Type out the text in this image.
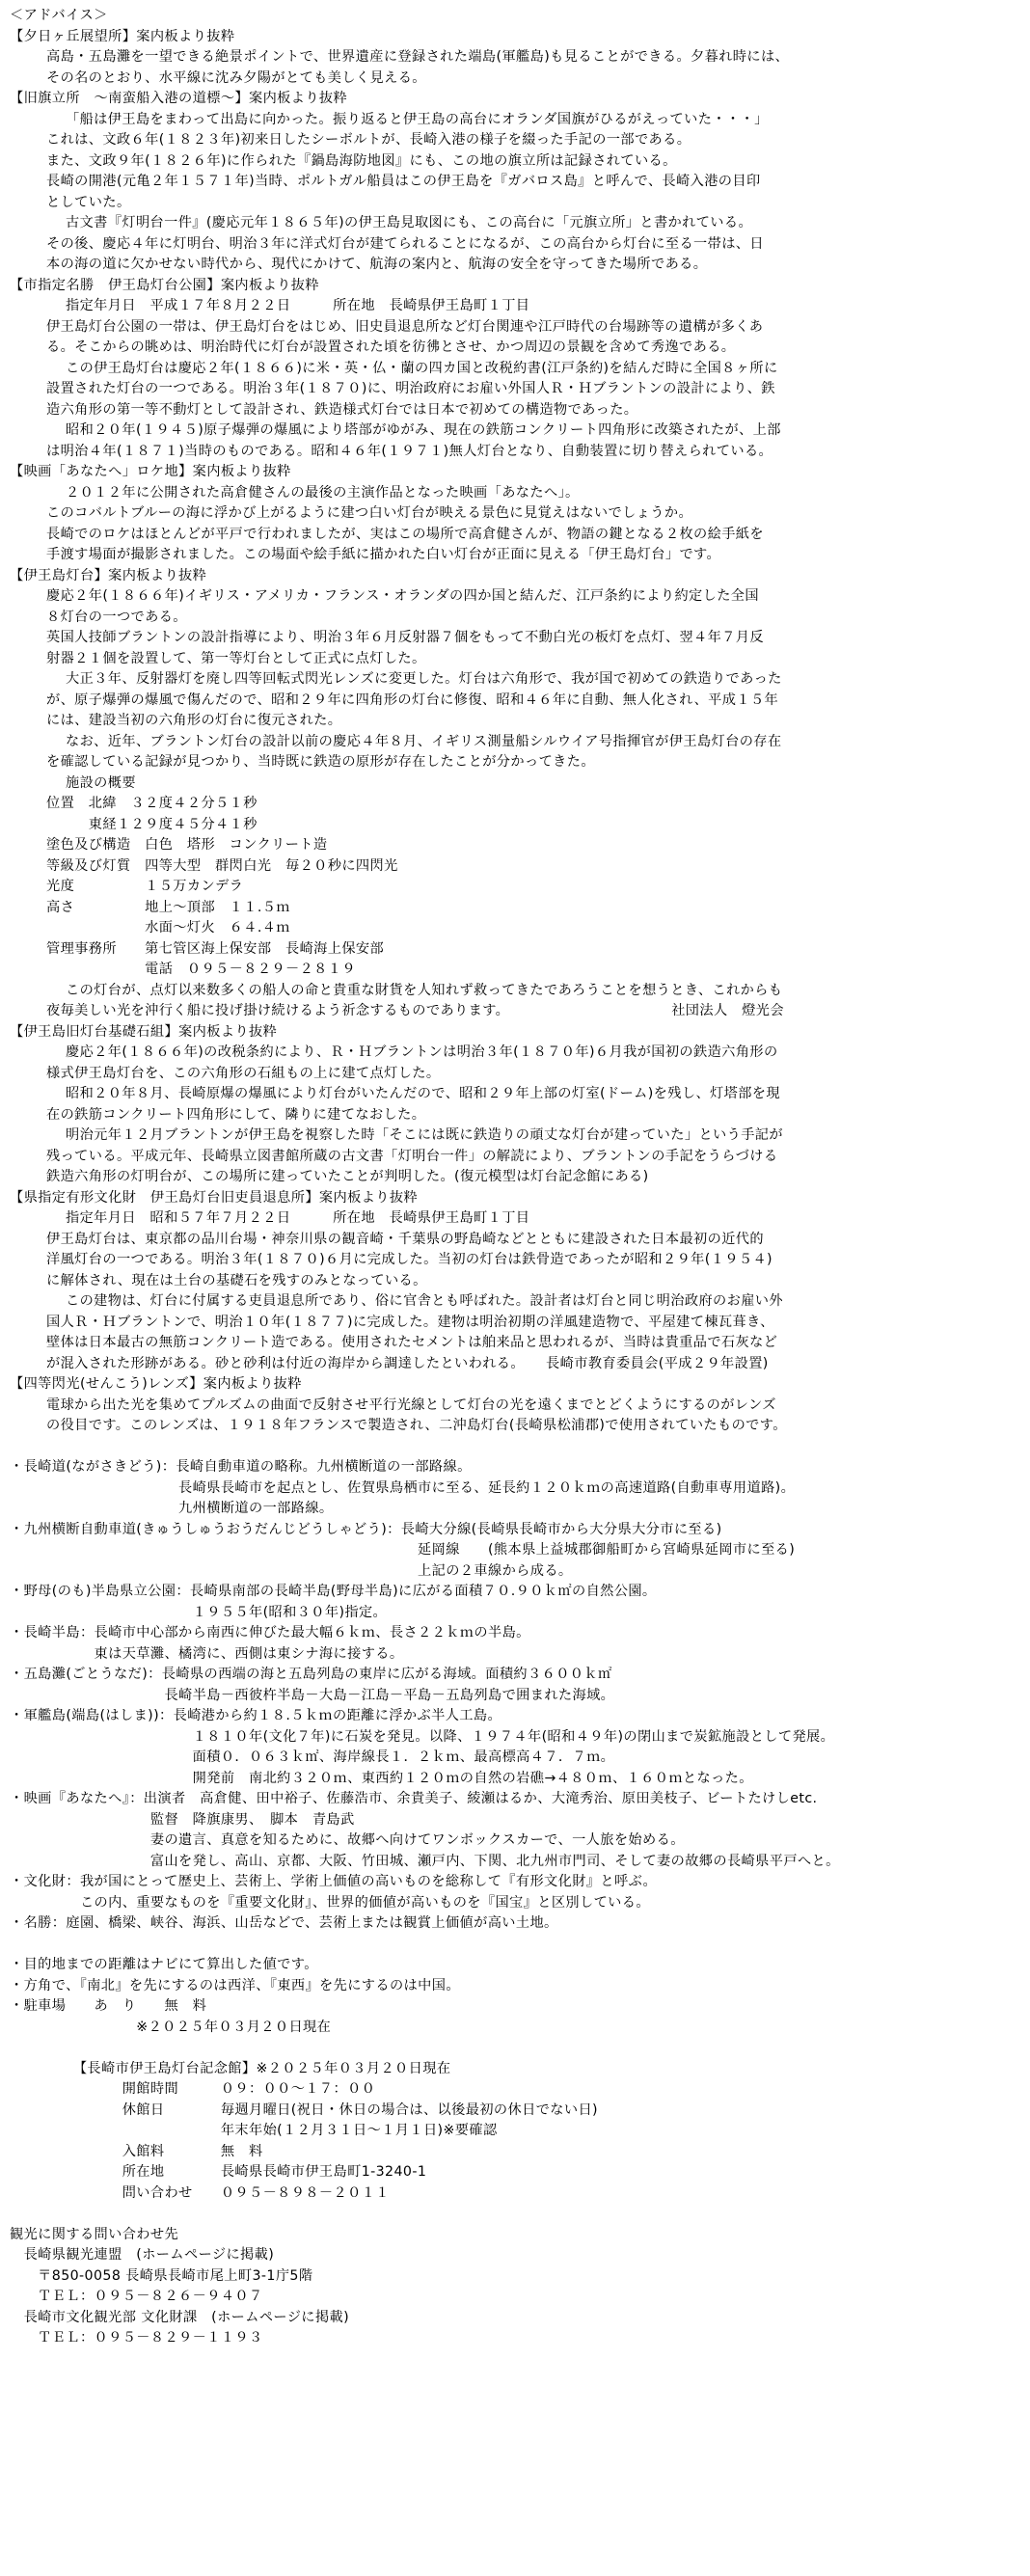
＜アドバイス＞
【夕日ヶ丘展望所】案内板より抜粋
高島・五島灘を一望できる絶景ポイントで、世界遺産に登録された端島(軍艦島)も見ることができる。夕暮れ時には、
その名のとおり、水平線に沈み夕陽がとても美しく見える。
【旧旗立所　～南蛮船入港の道標～】案内板より抜粋
「船は伊王島をまわって出島に向かった。振り返ると伊王島の高台にオランダ国旗がひるがえっていた・・・」
これは、文政６年(１８２３年)初来日したシーボルトが、長崎入港の様子を綴った手記の一部である。
また、文政９年(１８２６年)に作られた『鍋島海防地図』にも、この地の旗立所は記録されている。
長崎の開港(元亀２年１５７１年)当時、ポルトガル船員はこの伊王島を『ガバロス島』と呼んで、長崎入港の目印
としていた。
古文書『灯明台一件』(慶応元年１８６５年)の伊王島見取図にも、この高台に「元旗立所」と書かれている。
その後、慶応４年に灯明台、明治３年に洋式灯台が建てられることになるが、この高台から灯台に至る一帯は、日
本の海の道に欠かせない時代から、現代にかけて、航海の案内と、航海の安全を守ってきた場所である。
【市指定名勝　伊王島灯台公園】案内板より抜粋
指定年月日　平成１７年８月２２日　　　所在地　長崎県伊王島町１丁目
伊王島灯台公園の一帯は、伊王島灯台をはじめ、旧史員退息所など灯台関連や江戸時代の台場跡等の遺構が多くあ
る。そこからの眺めは、明治時代に灯台が設置された頃を彷彿とさせ、かつ周辺の景観を含めて秀逸である。
この伊王島灯台は慶応２年(１８６６)に米・英・仏・蘭の四カ国と改税約書(江戸条約)を結んだ時に全国８ヶ所に
設置された灯台の一つである。明治３年(１８７０)に、明治政府にお雇い外国人Ｒ・Ｈブラントンの設計により、鉄
造六角形の第一等不動灯として設計され、鉄造様式灯台では日本で初めての構造物であった。
昭和２０年(１９４５)原子爆弾の爆風により塔部がゆがみ、現在の鉄筋コンクリート四角形に改築されたが、上部
は明治４年(１８７１)当時のものである。昭和４６年(１９７１)無人灯台となり、自動装置に切り替えられている。
【映画「あなたへ」ロケ地】案内板より抜粋
２０１２年に公開された高倉健さんの最後の主演作品となった映画「あなたへ」。
このコバルトブルーの海に浮かび上がるように建つ白い灯台が映える景色に見覚えはないでしょうか。
長崎でのロケはほとんどが平戸で行われましたが、実はこの場所で高倉健さんが、物語の鍵となる２枚の絵手紙を
手渡す場面が撮影されました。この場面や絵手紙に描かれた白い灯台が正面に見える「伊王島灯台」です。
【伊王島灯台】案内板より抜粋
慶応２年(１８６６年)イギリス・アメリカ・フランス・オランダの四か国と結んだ、江戸条約により約定した全国
８灯台の一つである。
英国人技師ブラントンの設計指導により、明治３年６月反射器７個をもって不動白光の板灯を点灯、翌４年７月反
射器２１個を設置して、第一等灯台として正式に点灯した。
大正３年、反射器灯を廃し四等回転式閃光レンズに変更した。灯台は六角形で、我が国で初めての鉄造りであった
が、原子爆弾の爆風で傷んだので、昭和２９年に四角形の灯台に修復、昭和４６年に自動、無人化され、平成１５年
には、建設当初の六角形の灯台に復元された。
なお、近年、ブラントン灯台の設計以前の慶応４年８月、イギリス測量船シルウイア号指揮官が伊王島灯台の存在
を確認している記録が見つかり、当時既に鉄造の原形が存在したことが分かってきた。
施設の概要
位置　北緯　３２度４２分５１秒
　　　東経１２９度４５分４１秒
塗色及び構造　白色　塔形　コンクリート造
等級及び灯質　四等大型　群閃白光　毎２０秒に四閃光
光度　　　　　１５万カンデラ
高さ　　　　　地上～頂部　１１.５ｍ
　　　　　　　水面～灯火　６４.４ｍ
管理事務所　　第七管区海上保安部　長崎海上保安部
　　　　　　　電話　０９５－８２９－２８１９
この灯台が、点灯以来数多くの船人の命と貴重な財貨を人知れず救ってきたであろうことを想うとき、これからも
夜毎美しい光を沖行く船に投げ掛け続けるよう祈念するものであります。　　　　　　　　　　　　社団法人　燈光会
【伊王島旧灯台基礎石組】案内板より抜粋
慶応２年(１８６６年)の改税条約により、Ｒ・Ｈブラントンは明治３年(１８７０年)６月我が国初の鉄造六角形の
様式伊王島灯台を、この六角形の石組もの上に建て点灯した。
昭和２０年８月、長崎原爆の爆風により灯台がいたんだので、昭和２９年上部の灯室(ドーム)を残し、灯塔部を現
在の鉄筋コンクリート四角形にして、隣りに建てなおした。
明治元年１２月ブラントンが伊王島を視察した時「そこには既に鉄造りの頑丈な灯台が建っていた」という手記が
残っている。平成元年、長崎県立図書館所蔵の古文書「灯明台一件」の解読により、ブラントンの手記をうらづける
鉄造六角形の灯明台が、この場所に建っていたことが判明した。(復元模型は灯台記念館にある)
【県指定有形文化財　伊王島灯台旧吏員退息所】案内板より抜粋
指定年月日　昭和５７年７月２２日　　　所在地　長崎県伊王島町１丁目
伊王島灯台は、東京都の品川台場・神奈川県の観音崎・千葉県の野島崎などとともに建設された日本最初の近代的
洋風灯台の一つである。明治３年(１８７０)６月に完成した。当初の灯台は鉄骨造であったが昭和２９年(１９５４)
に解体され、現在は土台の基礎石を残すのみとなっている。
この建物は、灯台に付属する吏員退息所であり、俗に官舎とも呼ばれた。設計者は灯台と同じ明治政府のお雇い外
国人Ｒ・Ｈブラントンで、明治１０年(１８７７)に完成した。建物は明治初期の洋風建造物で、平屋建て棟瓦葺き、
壁体は日本最古の無筋コンクリート造である。使用されたセメントは舶来品と思われるが、当時は貴重品で石灰など
が混入された形跡がある。砂と砂利は付近の海岸から調達したといわれる。　　長崎市教育委員会(平成２９年設置)
【四等閃光(せんこう)レンズ】案内板より抜粋
電球から出た光を集めてプルズムの曲面で反射させ平行光線として灯台の光を遠くまでとどくようにするのがレンズ
の役目です。このレンズは、１９１８年フランスで製造され、二沖島灯台(長崎県松浦郡)で使用されていたものです。
・長崎道(ながさきどう)：長崎自動車道の略称。九州横断道の一部路線。
　　　　　　　　　　　　長崎県長崎市を起点とし、佐賀県鳥栖市に至る、延長約１２０ｋｍの高速道路(自動車専用道路)。
　　　　　　　　　　　　九州横断道の一部路線。
・九州横断自動車道(きゅうしゅうおうだんじどうしゃどう)：長崎大分線(長崎県長崎市から大分県大分市に至る)
　　　　　　　　　　　　　　　　　　　　　　　　　　　　　延岡線　　(熊本県上益城郡御船町から宮崎県延岡市に至る)
　　　　　　　　　　　　　　　　　　　　　　　　　　　　　上記の２車線から成る。
・野母(のも)半島県立公園：長崎県南部の長崎半島(野母半島)に広がる面積７０.９０ｋ㎡の自然公園。
　　　　　　　　　　　　　１９５５年(昭和３０年)指定。
・長崎半島：長崎市中心部から南西に伸びた最大幅６ｋｍ、長さ２２ｋｍの半島。
　　　　　　東は天草灘、橘湾に、西側は東シナ海に接する。
・五島灘(ごとうなだ)：長崎県の西端の海と五島列島の東岸に広がる海域。面積約３６００ｋ㎡
　　　　　　　　　　　長崎半島－西彼杵半島－大島－江島－平島－五島列島で囲まれた海域。
・軍艦島(端島(はしま))：長崎港から約１８.５ｋｍの距離に浮かぶ半人工島。
　　　　　　　　　　　　　１８１０年(文化７年)に石炭を発見。以降、１９７４年(昭和４９年)の閉山まで炭鉱施設として発展。
　　　　　　　　　　　　　面積０．０６３ｋ㎡、海岸線長１．２ｋｍ、最高標高４７．７ｍ。
　　　　　　　　　　　　　開発前　南北約３２０ｍ、東西約１２０ｍの自然の岩礁→４８０ｍ、１６０ｍとなった。
・映画『あなたへ』：出演者　高倉健、田中裕子、佐藤浩市、余貴美子、綾瀬はるか、大滝秀治、原田美枝子、ビートたけしetc.
　　　　　　　　　　監督　降旗康男、　脚本　青島武
　　　　　　　　　　妻の遺言、真意を知るために、故郷へ向けてワンボックスカーで、一人旅を始める。
　　　　　　　　　　富山を発し、高山、京都、大阪、竹田城、瀬戸内、下関、北九州市門司、そして妻の故郷の長崎県平戸へと。
・文化財：我が国にとって歴史上、芸術上、学術上価値の高いものを総称して『有形文化財』と呼ぶ。
　　　　　この内、重要なものを『重要文化財』、世界的価値が高いものを『国宝』と区別している。
・名勝：庭園、橋梁、峡谷、海浜、山岳などで、芸術上または観賞上価値が高い土地。
・目的地までの距離はナビにて算出した値です。
・方角で、『南北』を先にするのは西洋、『東西』を先にするのは中国。
・駐車場　　あ　り　　無　料
　　　　　　　　　※２０２５年０３月２０日現在
　　　　　【長崎市伊王島灯台記念館】※２０２５年０３月２０日現在
　　　　　　　　開館時間　　　０９：００～１７：００
　　　　　　　　休館日　　　　毎週月曜日(祝日・休日の場合は、以後最初の休日でない日)
　　　　　　　　　　　　　　　年末年始(１２月３１日～１月１日)※要確認
　　　　　　　　入館料　　　　無　料
　　　　　　　　所在地　　　　長崎県長崎市伊王島町1-3240-1
　　　　　　　　問い合わせ　　０９５－８９８－２０１１
観光に関する問い合わせ先
　長崎県観光連盟　(ホームページに掲載)
　　〒850-0058 長崎県長崎市尾上町3-1庁5階
　　ＴＥＬ：０９５－８２６－９４０７
　長崎市文化観光部 文化財課　(ホームページに掲載)
　　ＴＥＬ：０９５－８２９－１１９３
